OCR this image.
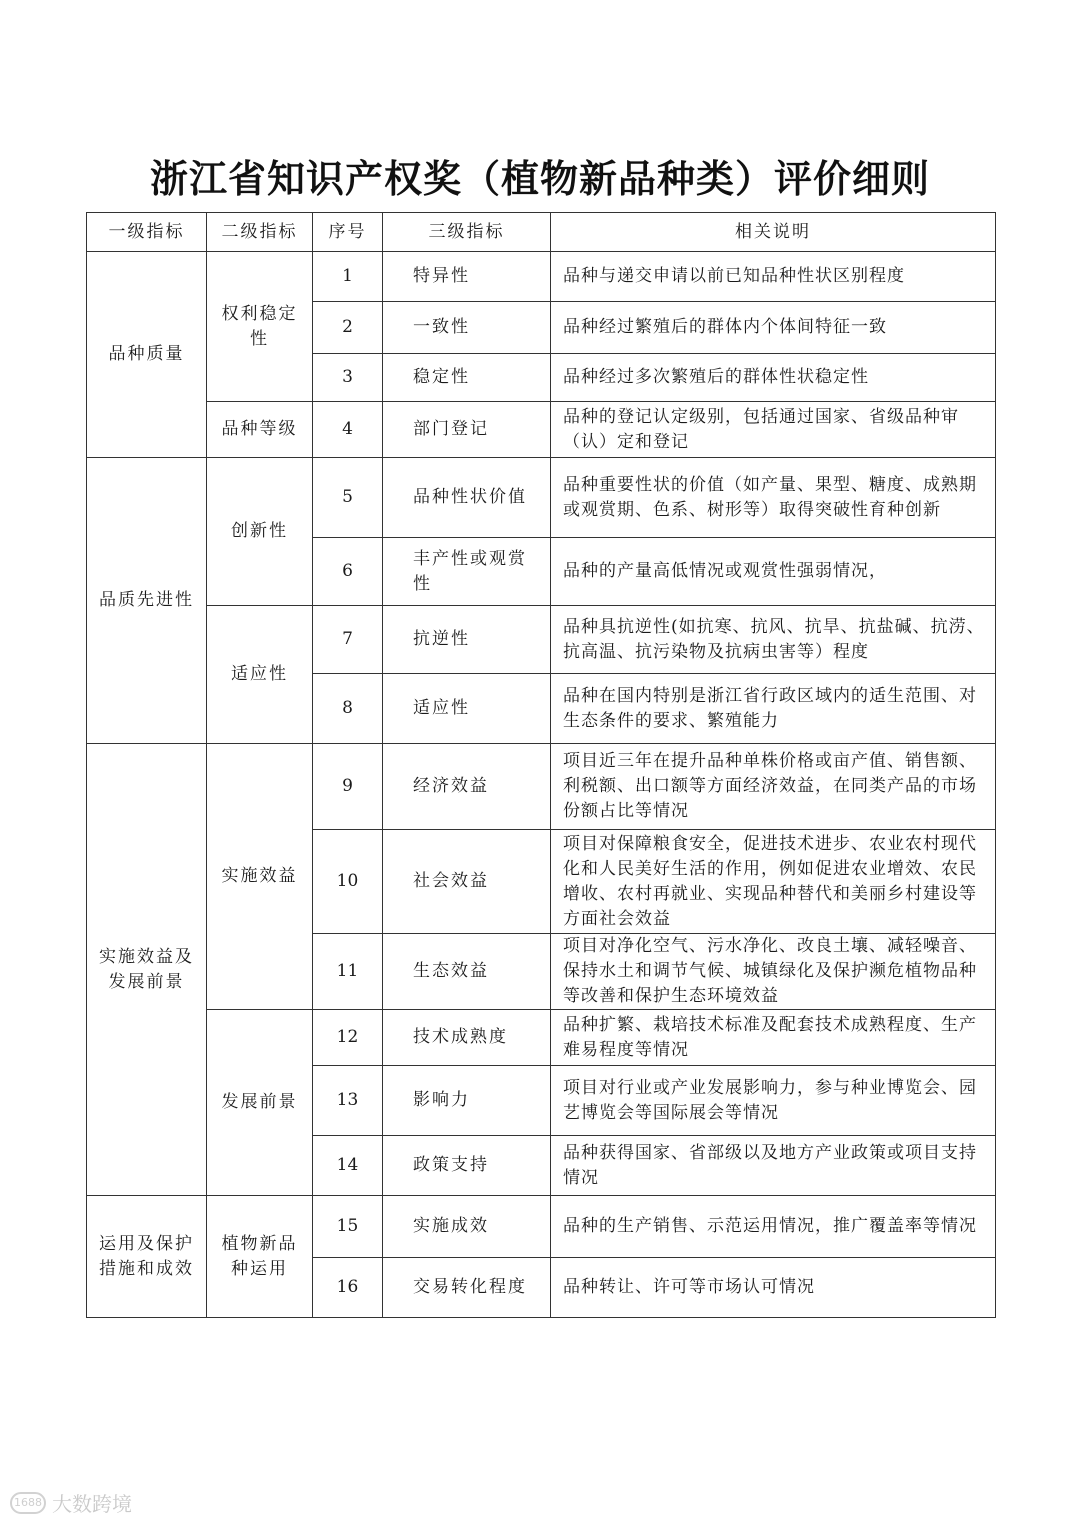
浙江省知识产权奖（植物新品种类）评价细则
一级指标	二级指标	序号	三级指标	相关说明
品种质量	权利稳定性	1	特异性	品种与递交申请以前已知品种性状区别程度
		2	一致性	品种经过繁殖后的群体内个体间特征一致
		3	稳定性	品种经过多次繁殖后的群体性状稳定性
	品种等级	4	部门登记	品种的登记认定级别，包括通过国家、省级品种审（认）定和登记
品质先进性	创新性	5	品种性状价值	品种重要性状的价值（如产量、果型、糖度、成熟期或观赏期、色系、树形等）取得突破性育种创新
		6	丰产性或观赏性	品种的产量高低情况或观赏性强弱情况，
	适应性	7	抗逆性	品种具抗逆性(如抗寒、抗风、抗旱、抗盐碱、抗涝、抗高温、抗污染物及抗病虫害等）程度
		8	适应性	品种在国内特别是浙江省行政区域内的适生范围、对生态条件的要求、繁殖能力
实施效益及发展前景	实施效益	9	经济效益	项目近三年在提升品种单株价格或亩产值、销售额、利税额、出口额等方面经济效益，在同类产品的市场份额占比等情况
		10	社会效益	项目对保障粮食安全，促进技术进步、农业农村现代化和人民美好生活的作用，例如促进农业增效、农民增收、农村再就业、实现品种替代和美丽乡村建设等方面社会效益
		11	生态效益	项目对净化空气、污水净化、改良土壤、减轻噪音、保持水土和调节气候、城镇绿化及保护濒危植物品种等改善和保护生态环境效益
	发展前景	12	技术成熟度	品种扩繁、栽培技术标准及配套技术成熟程度、生产难易程度等情况
		13	影响力	项目对行业或产业发展影响力，参与种业博览会、园艺博览会等国际展会等情况
		14	政策支持	品种获得国家、省部级以及地方产业政策或项目支持情况
运用及保护措施和成效	植物新品种运用	15	实施成效	品种的生产销售、示范运用情况，推广覆盖率等情况
		16	交易转化程度	品种转让、许可等市场认可情况
1688 大数跨境
